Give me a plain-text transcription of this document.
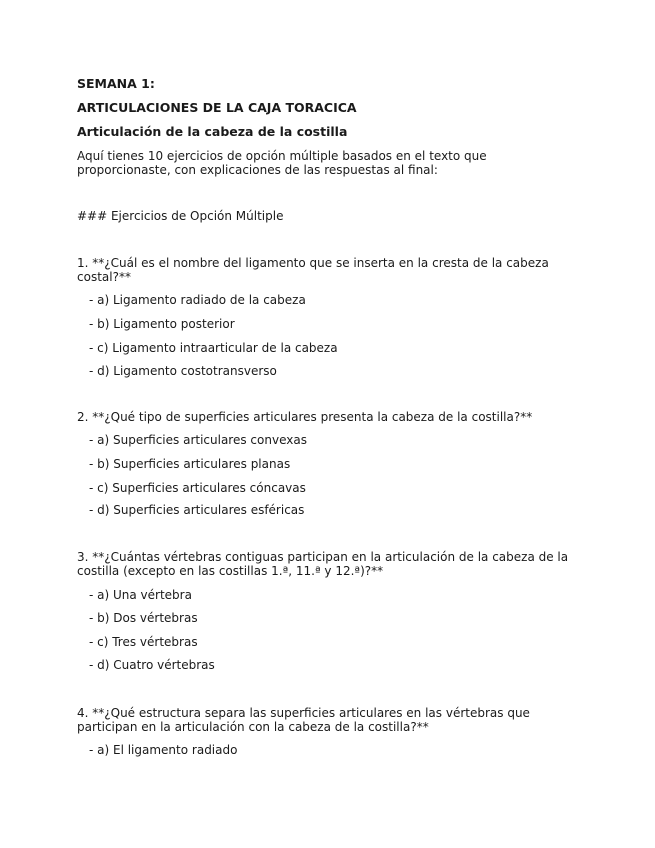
SEMANA 1:

ARTICULACIONES DE LA CAJA TORACICA

Articulación de la cabeza de la costilla

Aquí tienes 10 ejercicios de opción múltiple basados en el texto que proporcionaste, con explicaciones de las respuestas al final:

### Ejercicios de Opción Múltiple

1. **¿Cuál es el nombre del ligamento que se inserta en la cresta de la cabeza costal?**

- a) Ligamento radiado de la cabeza

- b) Ligamento posterior

- c) Ligamento intraarticular de la cabeza

- d) Ligamento costotransverso

2. **¿Qué tipo de superficies articulares presenta la cabeza de la costilla?**

- a) Superficies articulares convexas

- b) Superficies articulares planas

- c) Superficies articulares cóncavas

- d) Superficies articulares esféricas

3. **¿Cuántas vértebras contiguas participan en la articulación de la cabeza de la costilla (excepto en las costillas 1.ª, 11.ª y 12.ª)?**

- a) Una vértebra

- b) Dos vértebras

- c) Tres vértebras

- d) Cuatro vértebras

4. **¿Qué estructura separa las superficies articulares en las vértebras que participan en la articulación con la cabeza de la costilla?**

- a) El ligamento radiado
